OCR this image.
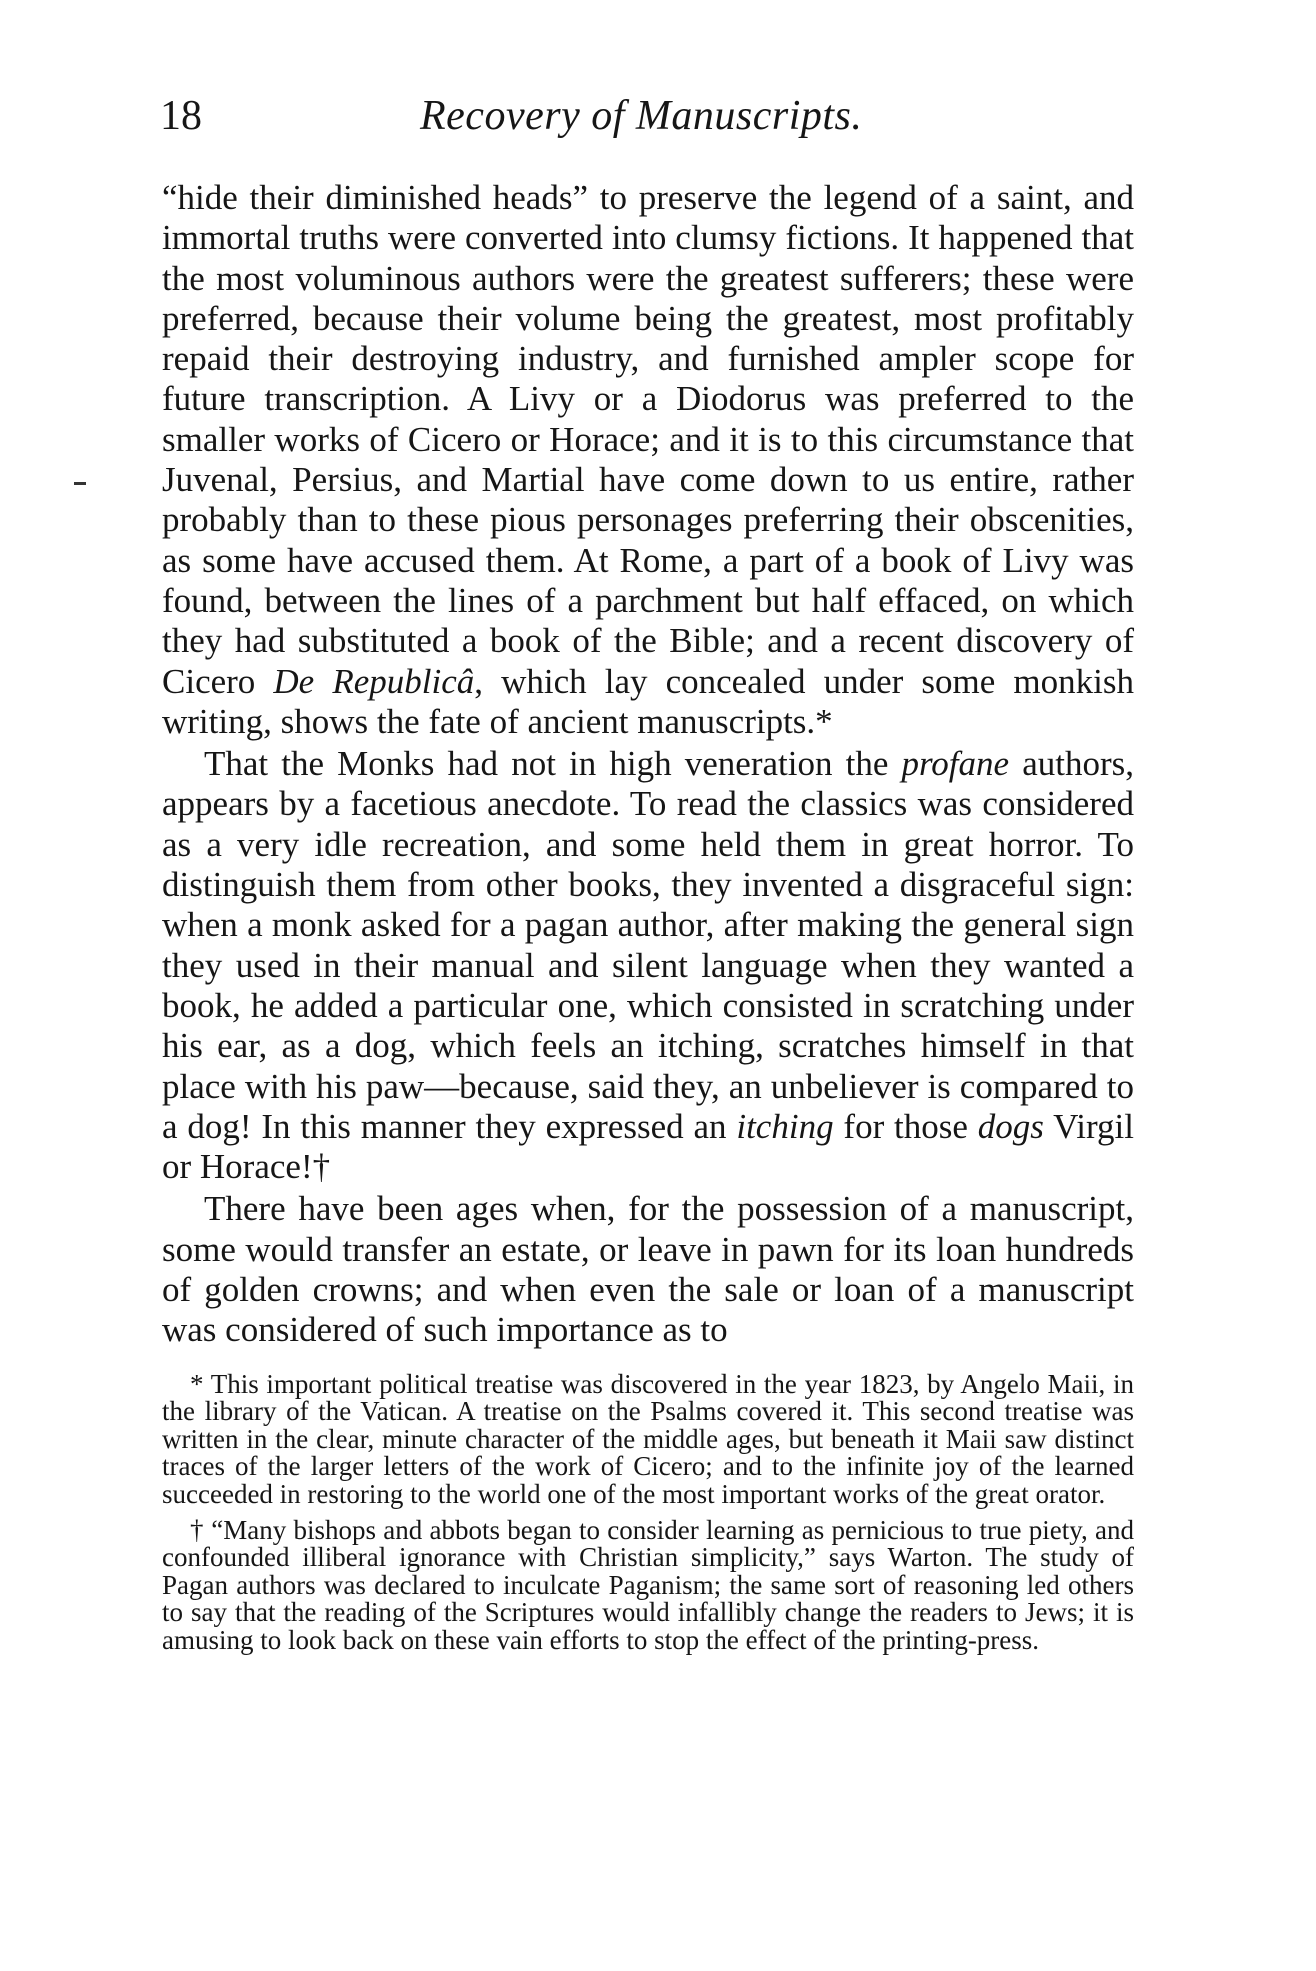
18	Recovery of Manuscripts.

“hide their diminished heads” to preserve the legend of a saint, and immortal truths were converted into clumsy fictions. It happened that the most voluminous authors were the greatest sufferers; these were preferred, because their volume being the greatest, most profitably repaid their destroying industry, and furnished ampler scope for future transcription. A Livy or a Diodorus was preferred to the smaller works of Cicero or Horace; and it is to this circumstance that Juvenal, Persius, and Martial have come down to us entire, rather probably than to these pious personages preferring their obscenities, as some have accused them. At Rome, a part of a book of Livy was found, between the lines of a parchment but half effaced, on which they had substituted a book of the Bible; and a recent discovery of Cicero De Republicâ, which lay concealed under some monkish writing, shows the fate of ancient manuscripts.*

That the Monks had not in high veneration the profane authors, appears by a facetious anecdote. To read the classics was considered as a very idle recreation, and some held them in great horror. To distinguish them from other books, they invented a disgraceful sign: when a monk asked for a pagan author, after making the general sign they used in their manual and silent language when they wanted a book, he added a particular one, which consisted in scratching under his ear, as a dog, which feels an itching, scratches himself in that place with his paw—because, said they, an unbeliever is compared to a dog! In this manner they expressed an itching for those dogs Virgil or Horace!†

There have been ages when, for the possession of a manuscript, some would transfer an estate, or leave in pawn for its loan hundreds of golden crowns; and when even the sale or loan of a manuscript was considered of such importance as to

* This important political treatise was discovered in the year 1823, by Angelo Maii, in the library of the Vatican. A treatise on the Psalms covered it. This second treatise was written in the clear, minute character of the middle ages, but beneath it Maii saw distinct traces of the larger letters of the work of Cicero; and to the infinite joy of the learned succeeded in restoring to the world one of the most important works of the great orator.

† “Many bishops and abbots began to consider learning as pernicious to true piety, and confounded illiberal ignorance with Christian simplicity,” says Warton. The study of Pagan authors was declared to inculcate Paganism; the same sort of reasoning led others to say that the reading of the Scriptures would infallibly change the readers to Jews; it is amusing to look back on these vain efforts to stop the effect of the printing-press.
